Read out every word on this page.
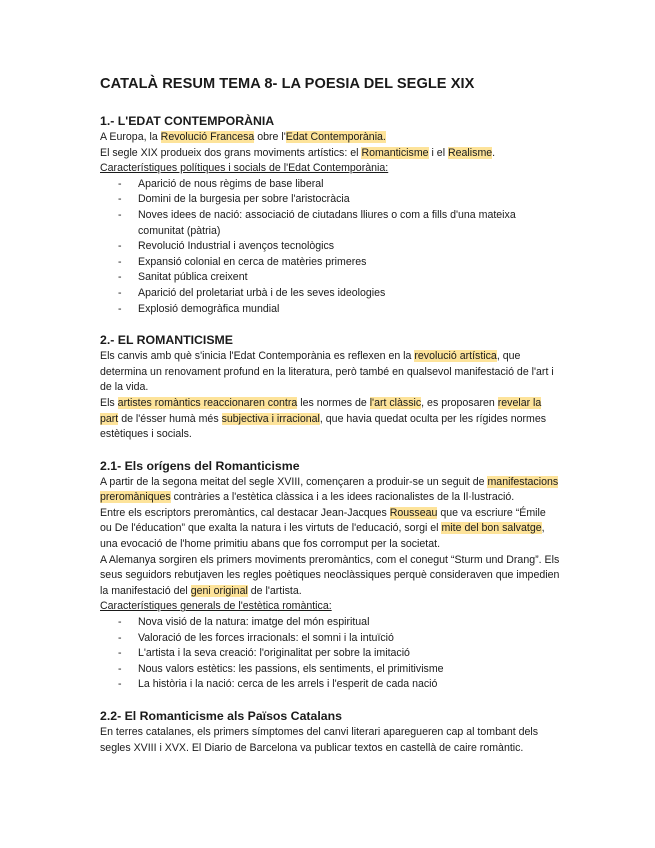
CATALÀ RESUM TEMA 8- LA POESIA DEL SEGLE XIX
1.- L'EDAT CONTEMPORÀNIA

A Europa, la Revolució Francesa obre l'Edat Contemporània.

El segle XIX produeix dos grans moviments artístics: el Romanticisme i el Realisme.

Característiques polítiques i socials de l'Edat Contemporània:

- Aparició de nous règims de base liberal
- Domini de la burgesia per sobre l'aristocràcia
- Noves idees de nació: associació de ciutadans lliures o com a fills d'una mateixa comunitat (pàtria)
- Revolució Industrial i avenços tecnològics
- Expansió colonial en cerca de matèries primeres
- Sanitat pública creixent
- Aparició del proletariat urbà i de les seves ideologies
- Explosió demogràfica mundial
2.- EL ROMANTICISME

Els canvis amb què s'inicia l'Edat Contemporània es reflexen en la revolució artística, que determina un renovament profund en la literatura, però també en qualsevol manifestació de l'art i de la vida.

Els artistes romàntics reaccionaren contra les normes de l'art clàssic, es proposaren revelar la part de l'ésser humà més subjectiva i irracional, que havia quedat oculta per les rígides normes estètiques i socials.

2.1- Els orígens del Romanticisme

A partir de la segona meitat del segle XVIII, començaren a produir-se un seguit de manifestacions preromàniques contràries a l'estètica clàssica i a les idees racionalistes de la Il·lustració.

Entre els escriptors preromàntics, cal destacar Jean-Jacques Rousseau que va escriure “Émile ou De l'éducation” que exalta la natura i les virtuts de l'educació, sorgi el mite del bon salvatge, una evocació de l'home primitiu abans que fos corromput per la societat.

A Alemanya sorgiren els primers moviments preromàntics, com el conegut “Sturm und Drang”. Els seus seguidors rebutjaven les regles poètiques neoclàssiques perquè consideraven que impedien la manifestació del geni original de l'artista.

Característiques generals de l'estètica romàntica:

- Nova visió de la natura: imatge del món espiritual
- Valoració de les forces irracionals: el somni i la intuïció
- L'artista i la seva creació: l'originalitat per sobre la imitació
- Nous valors estètics: les passions, els sentiments, el primitivisme
- La història i la nació: cerca de les arrels i l'esperit de cada nació
2.2- El Romanticisme als Països Catalans

En terres catalanes, els primers símptomes del canvi literari aparegueren cap al tombant dels segles XVIII i XVX. El Diario de Barcelona va publicar textos en castellà de caire romàntic.
